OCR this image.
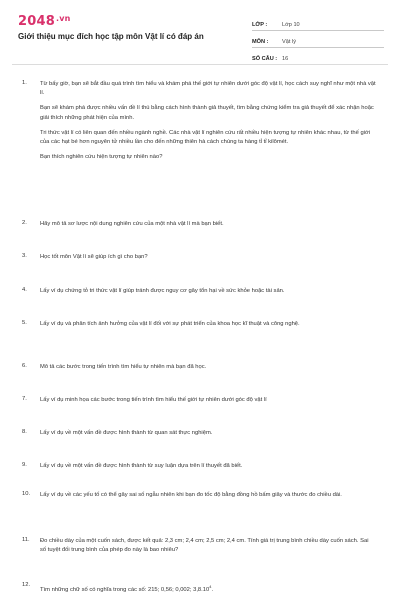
$2048^{.vn}$
Giới thiệu mục đích học tập môn Vật lí có đáp án
LỚP :	Lớp 10
MÔN :	Vật lý
SỐ CÂU : 16
1. Từ bấy giờ, bạn sẽ bắt đầu quá trình tìm hiểu và khám phá thế giới tự nhiên dưới góc độ vật lí, học cách suy nghĩ như một nhà vật lí.

Bạn sẽ khám phá được nhiều vấn đề lí thú bằng cách hình thành giả thuyết, tìm bằng chứng kiểm tra giả thuyết để xác nhận hoặc giải thích những phát hiện của mình.

Tri thức vật lí có liên quan đến nhiều ngành nghề. Các nhà vật lí nghiên cứu rất nhiều hiện tượng tự nhiên khác nhau, từ thế giới của các hạt bé hơn nguyên tử nhiều lần cho đến những thiên hà cách chúng ta hàng tỉ tỉ kilômét.

Bạn thích nghiên cứu hiện tượng tự nhiên nào?

2. Hãy mô tả sơ lược nội dung nghiên cứu của một nhà vật lí mà bạn biết.

3. Học tốt môn Vật lí sẽ giúp ích gì cho bạn?

4. Lấy ví dụ chứng tỏ tri thức vật lí giúp tránh được nguy cơ gây tổn hại về sức khỏe hoặc tài sản.

5. Lấy ví dụ và phân tích ảnh hưởng của vật lí đối với sự phát triển của khoa học kĩ thuật và công nghệ.

6. Mô tả các bước trong tiến trình tìm hiểu tự nhiên mà bạn đã học.

7. Lấy ví dụ minh họa các bước trong tiến trình tìm hiểu thế giới tự nhiên dưới góc độ vật lí

8. Lấy ví dụ về một vấn đề được hình thành từ quan sát thực nghiệm.

9. Lấy ví dụ về một vấn đề được hình thành từ suy luận dựa trên lí thuyết đã biết.

10. Lấy ví dụ về các yếu tố có thể gây sai số ngẫu nhiên khi bạn đo tốc độ bằng đồng hồ bấm giây và thước đo chiều dài.

11. Đo chiều dày của một cuốn sách, được kết quả: 2,3 cm; 2,4 cm; 2,5 cm; 2,4 cm. Tính giá trị trung bình chiều dày cuốn sách. Sai số tuyệt đối trung bình của phép đo này là bao nhiêu?

12.

Tìm những chữ số có nghĩa trong các số: 215; 0,56; 0,002; 3,8.10$^4$.
